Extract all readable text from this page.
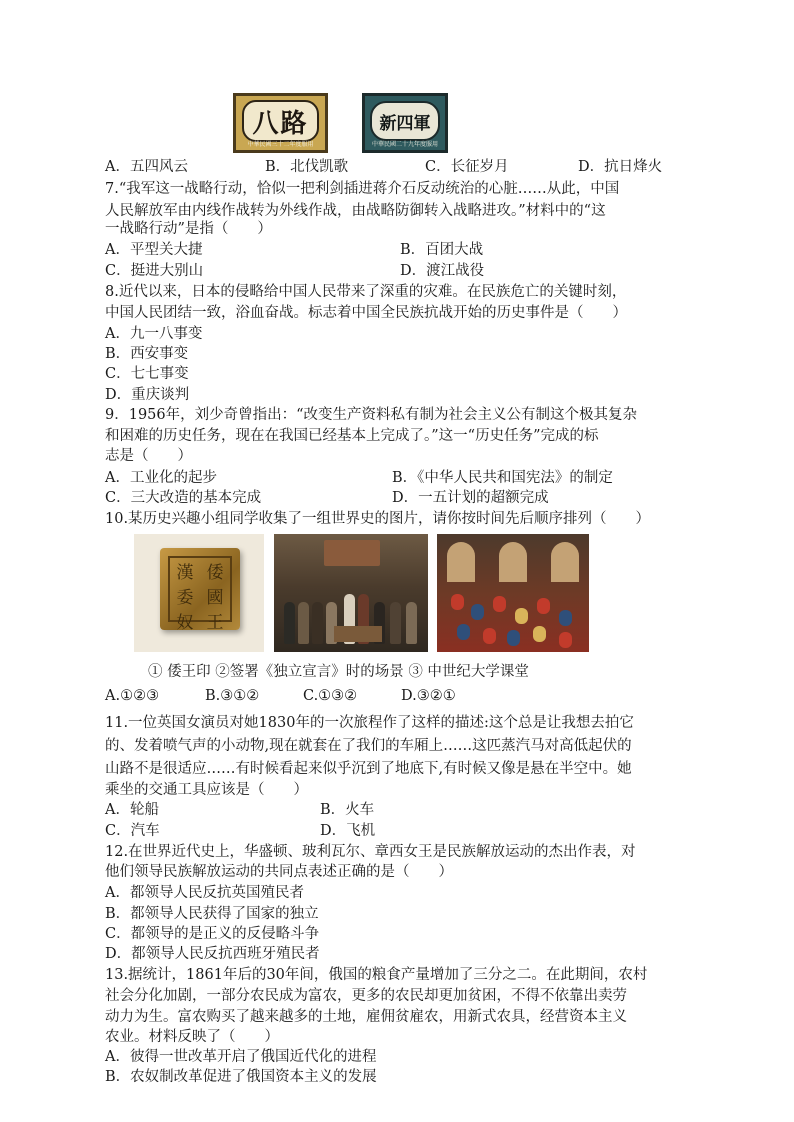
八路
中華民國三十二年度服用
新四軍
中華民國二十九年度服用
A．五四风云	B．北伐凯歌	C．长征岁月	D．抗日烽火
7.“我军这一战略行动，恰似一把利剑插进蒋介石反动统治的心脏……从此，中国
人民解放军由内线作战转为外线作战，由战略防御转入战略进攻。”材料中的“这
一战略行动”是指（　　）
A．平型关大捷	B．百团大战
C．挺进大别山	D．渡江战役
8.近代以来，日本的侵略给中国人民带来了深重的灾难。在民族危亡的关键时刻，
中国人民团结一致，浴血奋战。标志着中国全民族抗战开始的历史事件是（　　）
A．九一八事变
B．西安事变
C．七七事变
D．重庆谈判
9．1956年，刘少奇曾指出：“改变生产资料私有制为社会主义公有制这个极其复杂
和困难的历史任务，现在在我国已经基本上完成了。”这一“历史任务”完成的标
志是（　　）
A．工业化的起步	B．《中华人民共和国宪法》的制定
C．三大改造的基本完成	D．一五计划的超额完成
10.某历史兴趣小组同学收集了一组世界史的图片，请你按时间先后顺序排列（　　）
漢 倭
委 國
奴 王
① 倭王印 ②签署《独立宣言》时的场景 ③ 中世纪大学课堂
A.①②③	B.③①②	C.①③②	D.③②①
11.一位英国女演员对她1830年的一次旅程作了这样的描述:这个总是让我想去拍它
的、发着喷气声的小动物,现在就套在了我们的车厢上……这匹蒸汽马对高低起伏的
山路不是很适应……有时候看起来似乎沉到了地底下,有时候又像是悬在半空中。她
乘坐的交通工具应该是（　　）
A．轮船	B．火车
C．汽车	D．飞机
12.在世界近代史上，华盛顿、玻利瓦尔、章西女王是民族解放运动的杰出作表，对
他们领导民族解放运动的共同点表述正确的是（　　）
A．都领导人民反抗英国殖民者
B．都领导人民获得了国家的独立
C．都领导的是正义的反侵略斗争
D．都领导人民反抗西班牙殖民者
13.据统计，1861年后的30年间，俄国的粮食产量增加了三分之二。在此期间，农村
社会分化加剧，一部分农民成为富农，更多的农民却更加贫困，不得不依靠出卖劳
动力为生。富农购买了越来越多的土地，雇佣贫雇农，用新式农具，经营资本主义
农业。材料反映了（　　）
A．彼得一世改革开启了俄国近代化的进程
B．农奴制改革促进了俄国资本主义的发展
